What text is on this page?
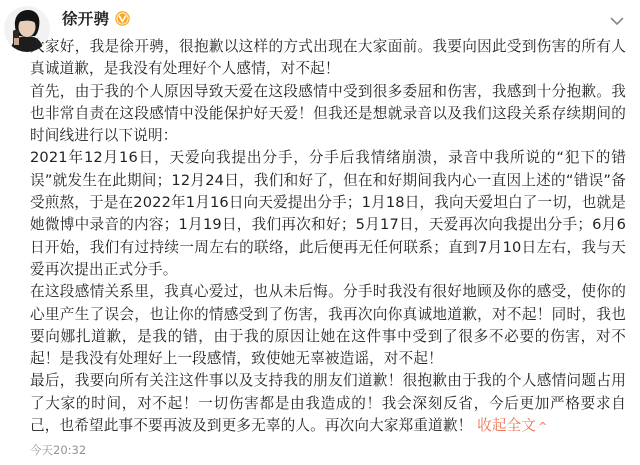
徐开骋

大家好，我是徐开骋，很抱歉以这样的方式出现在大家面前。我要向因此受到伤害的所有人真诚道歉，是我没有处理好个人感情，对不起！

首先，由于我的个人原因导致天爱在这段感情中受到很多委屈和伤害，我感到十分抱歉。我也非常自责在这段感情中没能保护好天爱！但我还是想就录音以及我们这段关系存续期间的时间线进行以下说明：

2021年12月16日，天爱向我提出分手，分手后我情绪崩溃，录音中我所说的“犯下的错误”就发生在此期间；12月24日，我们和好了，但在和好期间我内心一直因上述的“错误”备受煎熬，于是在2022年1月16日向天爱提出分手；1月18日，我向天爱坦白了一切，也就是她微博中录音的内容；1月19日，我们再次和好；5月17日，天爱再次向我提出分手；6月6日开始，我们有过持续一周左右的联络，此后便再无任何联系；直到7月10日左右，我与天爱再次提出正式分手。

在这段感情关系里，我真心爱过，也从未后悔。分手时我没有很好地顾及你的感受，使你的心里产生了误会，也让你的情感受到了伤害，我再次向你真诚地道歉，对不起！同时，我也要向娜扎道歉，是我的错，由于我的原因让她在这件事中受到了很多不必要的伤害，对不起！是我没有处理好上一段感情，致使她无辜被造谣，对不起！

最后，我要向所有关注这件事以及支持我的朋友们道歉！很抱歉由于我的个人感情问题占用了大家的时间，对不起！一切伤害都是由我造成的！我会深刻反省，今后更加严格要求自己，也希望此事不要再波及到更多无辜的人。再次向大家郑重道歉！ 收起全文 ^

今天20:32
